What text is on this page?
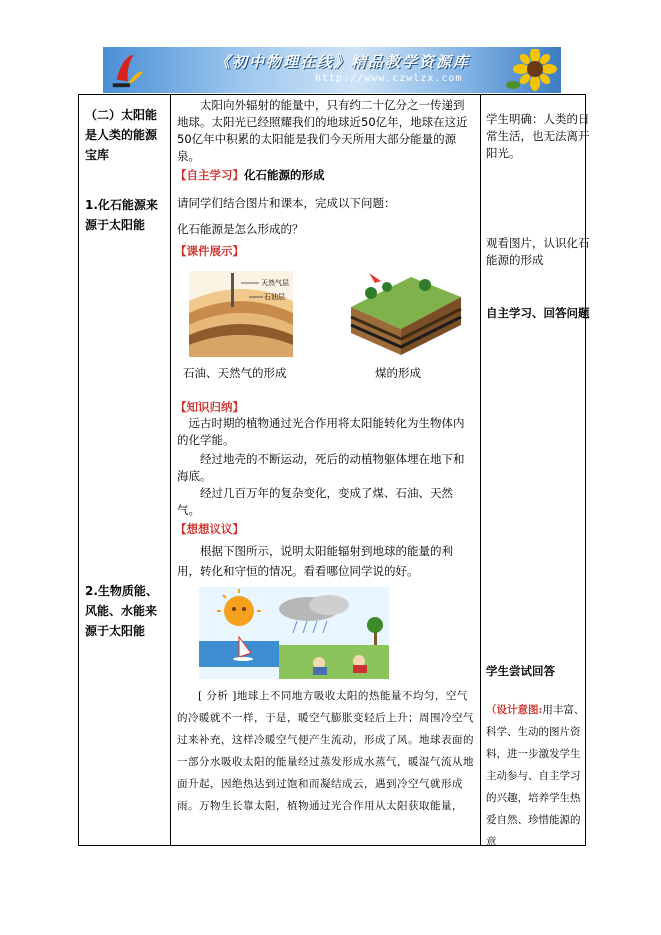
《初中物理在线》精品教学资源库
http://www.czwlzx.com
（二）太阳能是人类的能源宝库
1.化石能源来源于太阳能
2.生物质能、风能、水能来源于太阳能

太阳向外辐射的能量中，只有约二十亿分之一传递到地球。太阳光已经照耀我们的地球近50亿年，地球在这近50亿年中积累的太阳能是我们今天所用大部分能量的源泉。
【自主学习】化石能源的形成
请同学们结合图片和课本，完成以下问题：
化石能源是怎么形成的？
【课件展示】
天然气层
石油层
石油、天然气的形成	煤的形成
【知识归纳】
远古时期的植物通过光合作用将太阳能转化为生物体内的化学能。
经过地壳的不断运动，死后的动植物躯体埋在地下和海底。
经过几百万年的复杂变化，变成了煤、石油、天然气。
【想想议议】
根据下图所示，说明太阳能辐射到地球的能量的利用，转化和守恒的情况。看看哪位同学说的好。
[ 分析 ]地球上不同地方吸收太阳的热能量不均匀，空气的冷暖就不一样，于是，暖空气膨胀变轻后上升；周围冷空气过来补充，这样冷暖空气便产生流动，形成了风。地球表面的一部分水吸收太阳的能量经过蒸发形成水蒸气，暖湿气流从地面升起，因绝热达到过饱和而凝结成云，遇到冷空气就形成雨。万物生长靠太阳，植物通过光合作用从太阳获取能量，

学生明确：人类的日常生活，也无法离开阳光。
观看图片，认识化石能源的形成
自主学习、回答问题
学生尝试回答
（设计意图:用丰富、科学、生动的图片资料，进一步激发学生主动参与、自主学习的兴趣，培养学生热爱自然、珍惜能源的意
